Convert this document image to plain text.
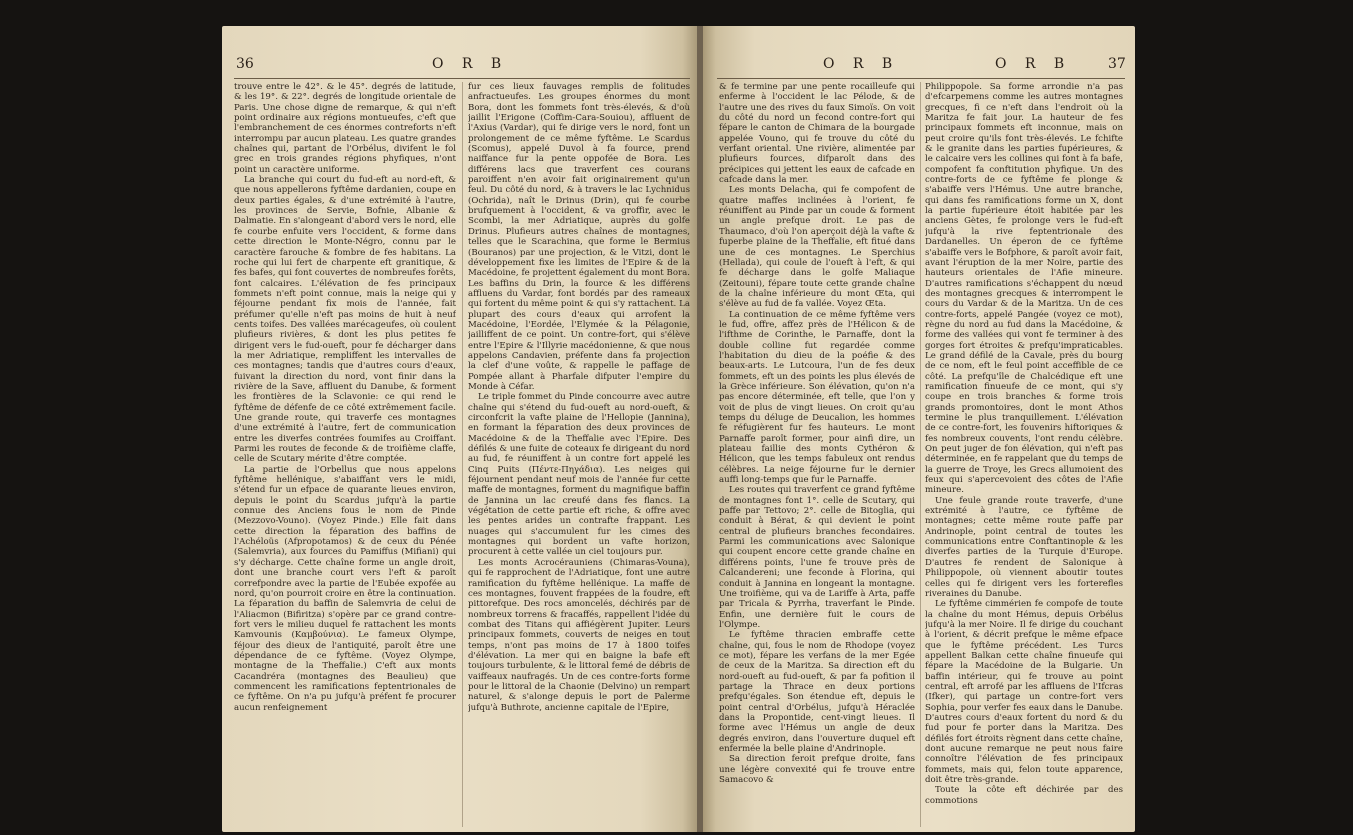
36	O R B

trouve entre le 42°. & le 45°. degrés de latitude, & les 19°. & 22°. degrés de longitude orientale de Paris. Une chose digne de remarque, & qui n'eft point ordinaire aux régions montueufes, c'eft que l'embranchement de ces énormes contreforts n'eft interrompu par aucun plateau. Les quatre grandes chaînes qui, partant de l'Orbélus, divifent le fol grec en trois grandes régions phyfiques, n'ont point un caractère uniforme.

La branche qui court du fud-eft au nord-eft, & que nous appellerons fyftême dardanien, coupe en deux parties égales, & d'une extrémité à l'autre, les provinces de Servie, Bofnie, Albanie & Dalmatie. En s'alongeant d'abord vers le nord, elle fe courbe enfuite vers l'occident, & forme dans cette direction le Monte-Négro, connu par le caractère farouche & fombre de fes habitans. La roche qui lui fert de charpente eft granitique, & fes bafes, qui font couvertes de nombreufes forêts, font calcaires. L'élévation de fes principaux fommets n'eft point connue, mais la neige qui y féjourne pendant fix mois de l'année, fait préfumer qu'elle n'eft pas moins de huit à neuf cents toifes. Des vallées marécageufes, où coulent plufieurs rivières, & dont les plus petites fe dirigent vers le fud-oueft, pour fe décharger dans la mer Adriatique, rempliffent les intervalles de ces montagnes; tandis que d'autres cours d'eaux, fuivant la direction du nord, vont finir dans la rivière de la Save, affluent du Danube, & forment les frontières de la Sclavonie: ce qui rend le fyftême de défenfe de ce côté extrêmement facile. Une grande route, qui traverfe ces montagnes d'une extrémité à l'autre, fert de communication entre les diverfes contrées foumifes au Croiffant. Parmi les routes de feconde & de troifième claffe, celle de Scutary mérite d'être comptée.

La partie de l'Orbellus que nous appelons fyftême hellénique, s'abaiffant vers le midi, s'étend fur un efpace de quarante lieues environ, depuis le point du Scardus jufqu'à la partie connue des Anciens fous le nom de Pinde (Mezzovo-Vouno). (Voyez Pinde.) Elle fait dans cette direction la féparation des baffins de l'Achéloüs (Afpropotamos) & de ceux du Pénée (Salemvria), aux fources du Pamiffus (Mifiani) qui s'y décharge. Cette chaîne forme un angle droit, dont une branche court vers l'eft & paroît correfpondre avec la partie de l'Eubée expofée au nord, qu'on pourroit croire en être la continuation. La féparation du baffin de Salemvria de celui de l'Aliacmon (Bifiritza) s'opère par ce grand contre-fort vers le milieu duquel fe rattachent les monts Kamvounis (Καμβούνια). Le fameux Olympe, féjour des dieux de l'antiquité, paroît être une dépendance de ce fyftême. (Voyez Olympe, montagne de la Theffalie.) C'eft aux monts Cacandréra (montagnes des Beaulieu) que commencent les ramifications feptentrionales de ce fyftême. On n'a pu jufqu'à préfent fe procurer aucun renfeignement

fur ces lieux fauvages remplis de folitudes anfractueufes. Les groupes énormes du mont Bora, dont les fommets font très-élevés, & d'où jaillit l'Erigone (Coffim-Cara-Souiou), affluent de l'Axius (Vardar), qui fe dirige vers le nord, font un prolongement de ce même fyftême. Le Scardus (Scomus), appelé Duvol à fa fource, prend naiffance fur la pente oppofée de Bora. Les différens lacs que traverfent ces courans paroiffent n'en avoir fait originairement qu'un feul. Du côté du nord, & à travers le lac Lychnidus (Ochrida), naît le Drinus (Drin), qui fe courbe brufquement à l'occident, & va groffir, avec le Scombi, la mer Adriatique, auprès du golfe Drinus. Plufieurs autres chaînes de montagnes, telles que le Scarachina, que forme le Bermius (Bouranos) par une projection, & le Vitzi, dont le développement fixe les limites de l'Epire & de la Macédoine, fe projettent également du mont Bora. Les baffins du Drin, la fource & les différens affluens du Vardar, font bordés par des rameaux qui fortent du même point & qui s'y rattachent. La plupart des cours d'eaux qui arrofent la Macédoine, l'Eordée, l'Elymée & la Pélagonie, jailliffent de ce point. Un contre-fort, qui s'élève entre l'Epire & l'Illyrie macédonienne, & que nous appelons Candavien, préfente dans fa projection la clef d'une voûte, & rappelle le paffage de Pompée allant à Pharfale difputer l'empire du Monde à Céfar.

Le triple fommet du Pinde concourre avec autre chaîne qui s'étend du fud-oueft au nord-oueft, & circonfcrit la vafte plaine de l'Hellopie (Jannina), en formant la féparation des deux provinces de Macédoine & de la Theffalie avec l'Epire. Des défilés & une fuite de coteaux fe dirigeant du nord au fud, fe réuniffent à un contre fort appelé les Cinq Puits (Πέντε-Πηγάδια). Les neiges qui féjournent pendant neuf mois de l'année fur cette maffe de montagnes, forment du magnifique baffin de Jannina un lac creufé dans fes flancs. La végétation de cette partie eft riche, & offre avec les pentes arides un contrafte frappant. Les nuages qui s'accumulent fur les cimes des montagnes qui bordent un vafte horizon, procurent à cette vallée un ciel toujours pur.

Les monts Acrocérauniens (Chimaras-Vouna), qui fe rapprochent de l'Adriatique, font une autre ramification du fyftême hellénique. La maffe de ces montagnes, fouvent frappées de la foudre, eft pittorefque. Des rocs amoncelés, déchirés par de nombreux torrens & fracaffés, rappellent l'idée du combat des Titans qui affiégèrent Jupiter. Leurs principaux fommets, couverts de neiges en tout temps, n'ont pas moins de 17 à 1800 toifes d'élévation. La mer qui en baigne la bafe eft toujours turbulente, & le littoral femé de débris de vaiffeaux naufragés. Un de ces contre-forts forme pour le littoral de la Chaonie (Delvino) un rempart naturel, & s'alonge depuis le port de Palerme jufqu'à Buthrote, ancienne capitale de l'Epire,

O R B	O R B	37

& fe termine par une pente rocailleufe qui enferme à l'occident le lac Pélode, & de l'autre une des rives du faux Simoïs. On voit du côté du nord un fecond contre-fort qui fépare le canton de Chimara de la bourgade appelée Vouno, qui fe trouve du côté du verfant oriental. Une rivière, alimentée par plufieurs fources, difparoît dans des précipices qui jettent les eaux de cafcade en cafcade dans la mer.

Les monts Delacha, qui fe compofent de quatre maffes inclinées à l'orient, fe réuniffent au Pinde par un coude & forment un angle prefque droit. Le pas de Thaumaco, d'où l'on aperçoit déjà la vafte & fuperbe plaine de la Theffalie, eft fitué dans une de ces montagnes. Le Sperchius (Hellada), qui coule de l'oueft à l'eft, & qui fe décharge dans le golfe Maliaque (Zeitouni), fépare toute cette grande chaîne de la chaîne inférieure du mont Œta, qui s'élève au fud de fa vallée. Voyez Œta.

La continuation de ce même fyftême vers le fud, offre, affez près de l'Hélicon & de l'ifthme de Corinthe, le Parnaffe, dont la double colline fut regardée comme l'habitation du dieu de la poéfie & des beaux-arts. Le Lutcoura, l'un de fes deux fommets, eft un des points les plus élevés de la Grèce inférieure. Son élévation, qu'on n'a pas encore déterminée, eft telle, que l'on y voit de plus de vingt lieues. On croit qu'au temps du déluge de Deucalion, les hommes fe réfugièrent fur fes hauteurs. Le mont Parnaffe paroît former, pour ainfi dire, un plateau faillie des monts Cythéron & Hélicon, que les temps fabuleux ont rendus célèbres. La neige féjourne fur le dernier auffi long-temps que fur le Parnaffe.

Les routes qui traverfent ce grand fyftême de montagnes font 1°. celle de Scutary, qui paffe par Tettovo; 2°. celle de Bitoglia, qui conduit à Bérat, & qui devient le point central de plufieurs branches fecondaires. Parmi les communications avec Salonique qui coupent encore cette grande chaîne en différens points, l'une fe trouve près de Calcandereni; une feconde à Florina, qui conduit à Jannina en longeant la montagne. Une troifième, qui va de Lariffe à Arta, paffe par Tricala & Pyrrha, traverfant le Pinde. Enfin, une dernière fuit le cours de l'Olympe.

Le fyftême thracien embraffe cette chaîne, qui, fous le nom de Rhodope (voyez ce mot), fépare les verfans de la mer Egée de ceux de la Maritza. Sa direction eft du nord-oueft au fud-oueft, & par fa pofition il partage la Thrace en deux portions prefqu'égales. Son étendue eft, depuis le point central d'Orbélus, jufqu'à Héraclée dans la Propontide, cent-vingt lieues. Il forme avec l'Hémus un angle de deux degrés environ, dans l'ouverture duquel eft enfermée la belle plaine d'Andrinople.

Sa direction feroit prefque droite, fans une légère convexité qui fe trouve entre Samacovo &

Philippopole. Sa forme arrondie n'a pas d'efcarpemens comme les autres montagnes grecques, fi ce n'eft dans l'endroit où la Maritza fe fait jour. La hauteur de fes principaux fommets eft inconnue, mais on peut croire qu'ils font très-élevés. Le fchifte & le granite dans les parties fupérieures, & le calcaire vers les collines qui font à fa bafe, compofent fa conftitution phyfique. Un des contre-forts de ce fyftême fe plonge & s'abaiffe vers l'Hémus. Une autre branche, qui dans fes ramifications forme un X, dont la partie fupérieure étoit habitée par les anciens Gètes, fe prolonge vers le fud-eft jufqu'à la rive feptentrionale des Dardanelles. Un éperon de ce fyftême s'abaiffe vers le Bofphore, & paroît avoir fait, avant l'éruption de la mer Noire, partie des hauteurs orientales de l'Afie mineure. D'autres ramifications s'échappent du nœud des montagnes grecques & interrompent le cours du Vardar & de la Maritza. Un de ces contre-forts, appelé Pangée (voyez ce mot), règne du nord au fud dans la Macédoine, & forme des vallées qui vont fe terminer à des gorges fort étroites & prefqu'impraticables. Le grand défilé de la Cavale, près du bourg de ce nom, eft le feul point acceffible de ce côté. La prefqu'île de Chalcédique eft une ramification finueufe de ce mont, qui s'y coupe en trois branches & forme trois grands promontoires, dont le mont Athos termine le plus tranquillement. L'élévation de ce contre-fort, les fouvenirs hiftoriques & fes nombreux couvents, l'ont rendu célèbre. On peut juger de fon élévation, qui n'eft pas déterminée, en fe rappelant que du temps de la guerre de Troye, les Grecs allumoient des feux qui s'apercevoient des côtes de l'Afie mineure.

Une feule grande route traverfe, d'une extrémité à l'autre, ce fyftême de montagnes; cette même route paffe par Andrinople, point central de toutes les communications entre Conftantinople & les diverfes parties de la Turquie d'Europe. D'autres fe rendent de Salonique à Philippopole, où viennent aboutir toutes celles qui fe dirigent vers les forterefles riveraines du Danube.

Le fyftême cimmérien fe compofe de toute la chaîne du mont Hémus, depuis Orbélus jufqu'à la mer Noire. Il fe dirige du couchant à l'orient, & décrit prefque le même efpace que le fyftême précédent. Les Turcs appellent Balkan cette chaîne finueufe qui fépare la Macédoine de la Bulgarie. Un baffin intérieur, qui fe trouve au point central, eft arrofé par les affluens de l'Ifcras (Ifker), qui partage un contre-fort vers Sophia, pour verfer fes eaux dans le Danube. D'autres cours d'eaux fortent du nord & du fud pour fe porter dans la Maritza. Des défilés fort étroits règnent dans cette chaîne, dont aucune remarque ne peut nous faire connoître l'élévation de fes principaux fommets, mais qui, felon toute apparence, doit être très-grande.

Toute la côte eft déchirée par des commotions
